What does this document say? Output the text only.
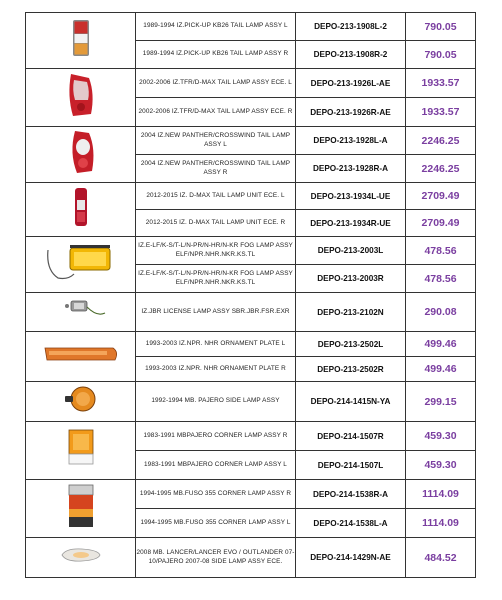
	1989-1994 IZ.PICK-UP KB26 TAIL LAMP ASSY L	DEPO-213-1908L-2	790.05
	1989-1994 IZ.PICK-UP KB26 TAIL LAMP ASSY R	DEPO-213-1908R-2	790.05
	2002-2006 IZ.TFR/D-MAX TAIL LAMP ASSY ECE. L	DEPO-213-1926L-AE	1933.57
	2002-2006 IZ.TFR/D-MAX TAIL LAMP ASSY ECE. R	DEPO-213-1926R-AE	1933.57
	2004 IZ.NEW PANTHER/CROSSWIND TAIL LAMP ASSY L	DEPO-213-1928L-A	2246.25
	2004 IZ.NEW PANTHER/CROSSWIND TAIL LAMP ASSY R	DEPO-213-1928R-A	2246.25
	2012-2015 IZ. D-MAX TAIL LAMP UNIT ECE. L	DEPO-213-1934L-UE	2709.49
	2012-2015 IZ. D-MAX TAIL LAMP UNIT ECE. R	DEPO-213-1934R-UE	2709.49
	IZ.E-LF/K-S/T-L/N-PR/N-HR/N-KR FOG LAMP ASSY ELF/NPR.NHR.NKR.KS.TL	DEPO-213-2003L	478.56
	IZ.E-LF/K-S/T-L/N-PR/N-HR/N-KR FOG LAMP ASSY ELF/NPR.NHR.NKR.KS.TL	DEPO-213-2003R	478.56
	IZ.JBR LICENSE LAMP ASSY SBR.JBR.FSR.EXR	DEPO-213-2102N	290.08
	1993-2003 IZ.NPR. NHR ORNAMENT PLATE L	DEPO-213-2502L	499.46
	1993-2003 IZ.NPR. NHR ORNAMENT PLATE R	DEPO-213-2502R	499.46
	1992-1994 MB. PAJERO SIDE LAMP ASSY	DEPO-214-1415N-YA	299.15
	1983-1991 MBPAJERO CORNER LAMP ASSY R	DEPO-214-1507R	459.30
	1983-1991 MBPAJERO CORNER LAMP ASSY L	DEPO-214-1507L	459.30
	1994-1995 MB.FUSO 355 CORNER LAMP ASSY R	DEPO-214-1538R-A	1114.09
	1994-1995 MB.FUSO 355 CORNER LAMP ASSY L	DEPO-214-1538L-A	1114.09
	2008 MB. LANCER/LANCER EVO / OUTLANDER 07-10/PAJERO 2007-08 SIDE LAMP ASSY ECE.	DEPO-214-1429N-AE	484.52
